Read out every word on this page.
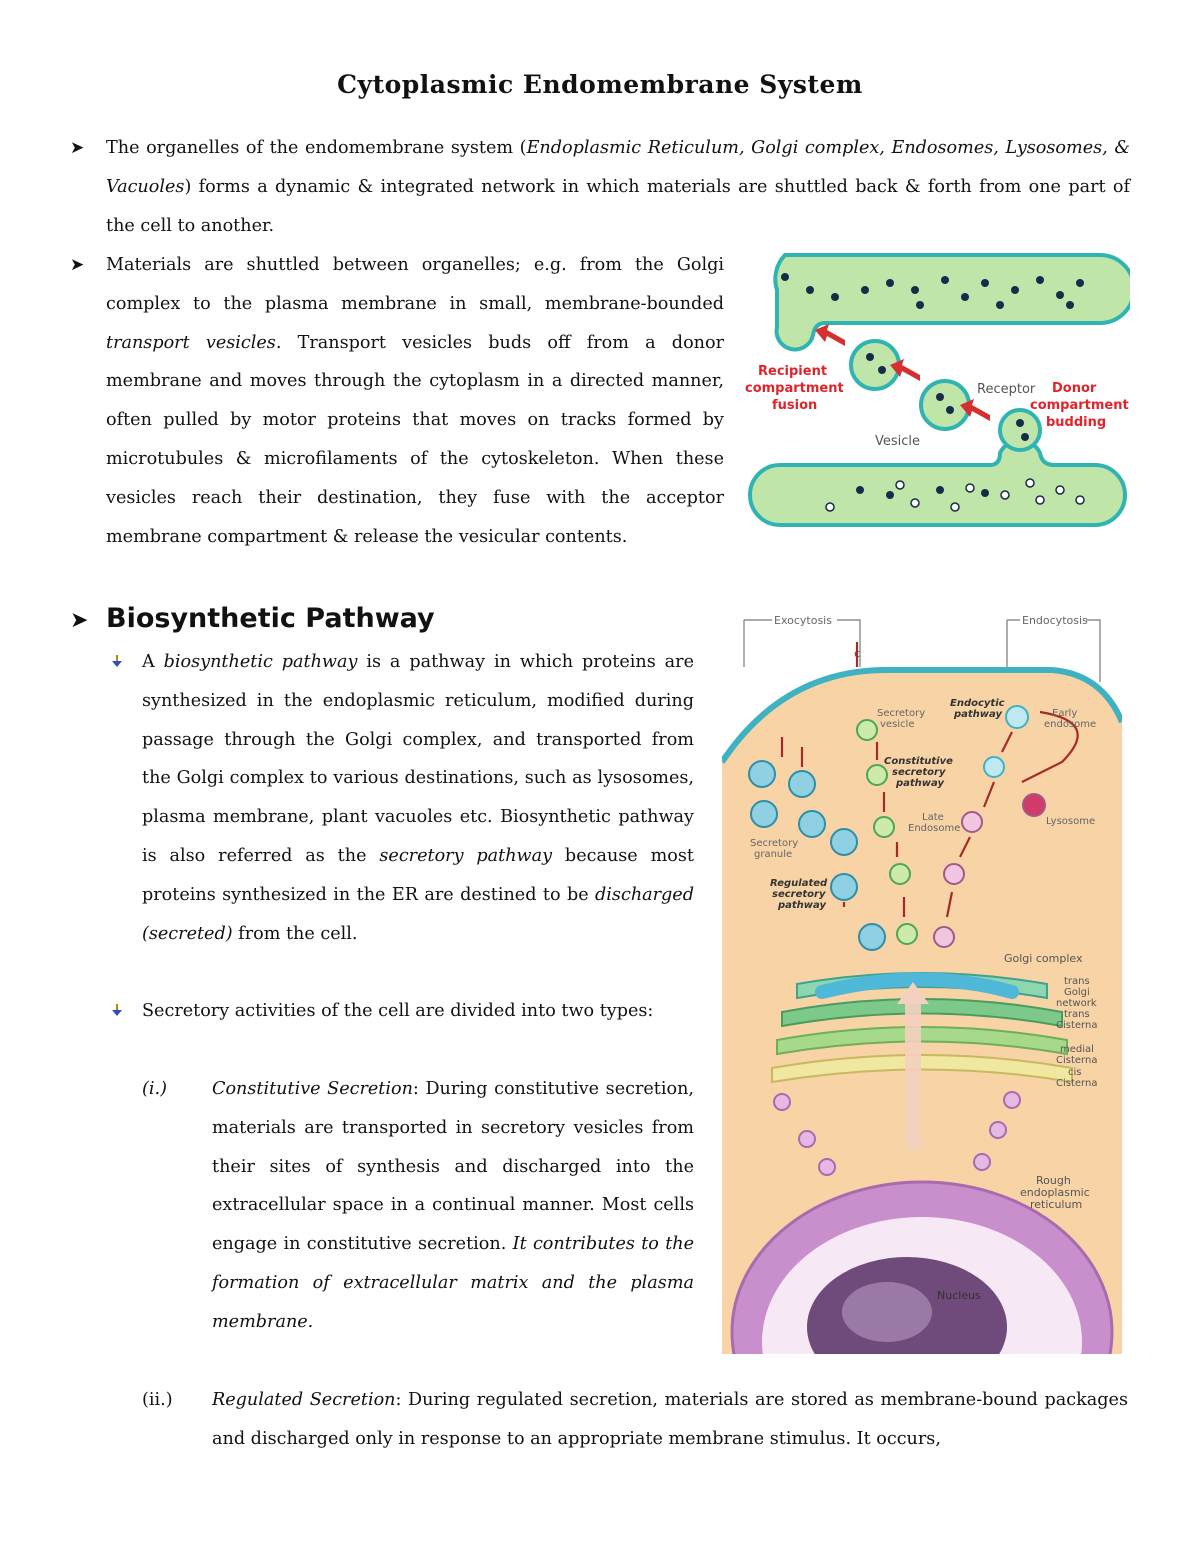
Cytoplasmic Endomembrane System
➤ The organelles of the endomembrane system (Endoplasmic Reticulum, Golgi complex, Endosomes, Lysosomes, & Vacuoles) forms a dynamic & integrated network in which materials are shuttled back & forth from one part of the cell to another.
➤ Materials are shuttled between organelles; e.g. from the Golgi complex to the plasma membrane in small, membrane-bounded transport vesicles. Transport vesicles buds off from a donor membrane and moves through the cytoplasm in a directed manner, often pulled by motor proteins that moves on tracks formed by microtubules & microfilaments of the cytoskeleton. When these vesicles reach their destination, they fuse with the acceptor membrane compartment & release the vesicular contents.
➤ Biosynthetic Pathway
A biosynthetic pathway is a pathway in which proteins are synthesized in the endoplasmic reticulum, modified during passage through the Golgi complex, and transported from the Golgi complex to various destinations, such as lysosomes, plasma membrane, plant vacuoles etc. Biosynthetic pathway is also referred as the secretory pathway because most proteins synthesized in the ER are destined to be discharged (secreted) from the cell.
Secretory activities of the cell are divided into two types:
(i.)	Constitutive Secretion: During constitutive secretion, materials are transported in secretory vesicles from their sites of synthesis and discharged into the extracellular space in a continual manner. Most cells engage in constitutive secretion. It contributes to the formation of extracellular matrix and the plasma membrane.
(ii.) Regulated Secretion: During regulated secretion, materials are stored as membrane-bound packages and discharged only in response to an appropriate membrane stimulus. It occurs,
Recipient compartment fusion
Donor compartment budding
Receptor
Vesicle
Exocytosis	Endocytosis
c
Nucleus
Rough endoplasmic reticulum
Golgi complex
trans Golgi network
trans Cisterna
medial Cisterna
cis Cisterna
Secretory vesicle
Endocytic pathway	Early endosome
Constitutive secretory pathway
Late Endosome
Lysosome
Secretory granule
Regulated secretory pathway
